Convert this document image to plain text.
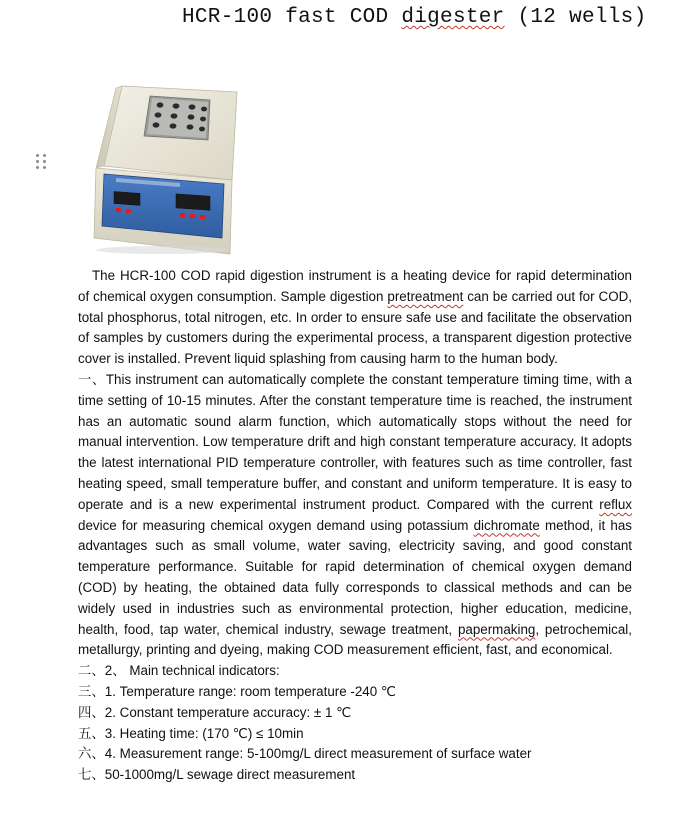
HCR-100 fast COD digester (12 wells)

The HCR-100 COD rapid digestion instrument is a heating device for rapid determination of chemical oxygen consumption. Sample digestion pretreatment can be carried out for COD, total phosphorus, total nitrogen, etc. In order to ensure safe use and facilitate the observation of samples by customers during the experimental process, a transparent digestion protective cover is installed. Prevent liquid splashing from causing harm to the human body.

一、This instrument can automatically complete the constant temperature timing time, with a time setting of 10-15 minutes. After the constant temperature time is reached, the instrument has an automatic sound alarm function, which automatically stops without the need for manual intervention. Low temperature drift and high constant temperature accuracy. It adopts the latest international PID temperature controller, with features such as time controller, fast heating speed, small temperature buffer, and constant and uniform temperature. It is easy to operate and is a new experimental instrument product. Compared with the current reflux device for measuring chemical oxygen demand using potassium dichromate method, it has advantages such as small volume, water saving, electricity saving, and good constant temperature performance. Suitable for rapid determination of chemical oxygen demand (COD) by heating, the obtained data fully corresponds to classical methods and can be widely used in industries such as environmental protection, higher education, medicine, health, food, tap water, chemical industry, sewage treatment, papermaking, petrochemical, metallurgy, printing and dyeing, making COD measurement efficient, fast, and economical.

二、2、 Main technical indicators:

三、1. Temperature range: room temperature -240 ℃

四、2. Constant temperature accuracy: ± 1 ℃

五、3. Heating time: (170 ℃) ≤ 10min

六、4. Measurement range: 5-100mg/L direct measurement of surface water

七、50-1000mg/L sewage direct measurement
